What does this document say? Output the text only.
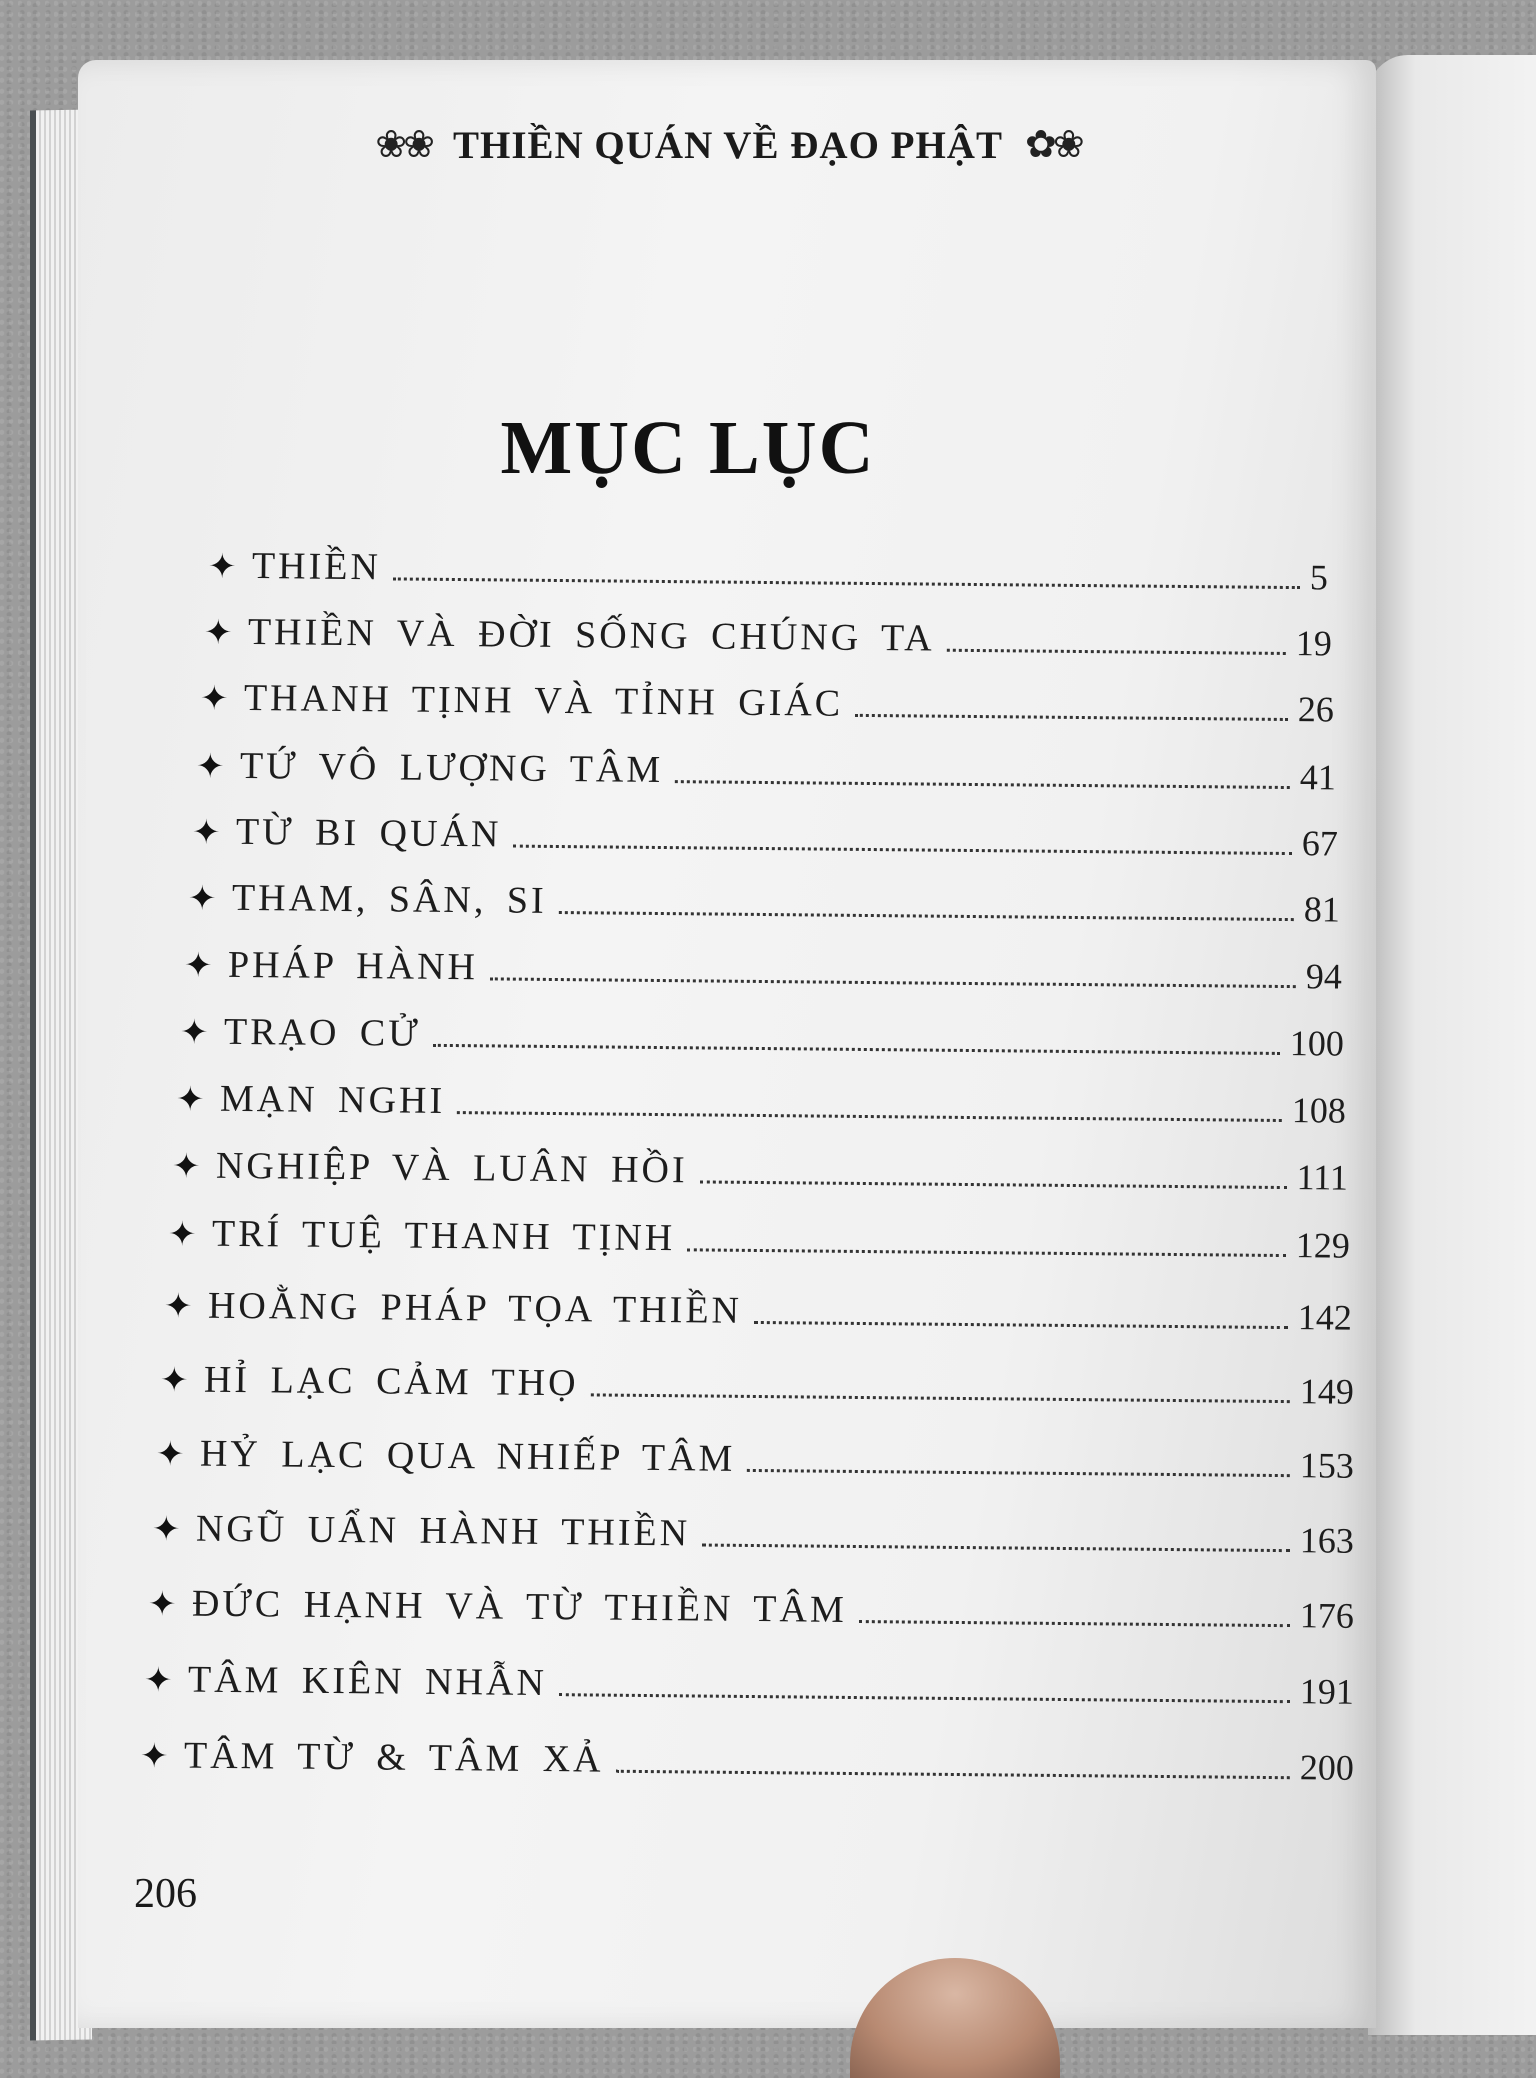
❀❀ THIỀN QUÁN VỀ ĐẠO PHẬT ✿❀
MỤC LỤC
✦ THIỀN	5
✦ THIỀN VÀ ĐỜI SỐNG CHÚNG TA	19
✦ THANH TỊNH VÀ TỈNH GIÁC	26
✦ TỨ VÔ LƯỢNG TÂM	41
✦ TỪ BI QUÁN	67
✦ THAM, SÂN, SI	81
✦ PHÁP HÀNH	94
✦ TRẠO CỬ	100
✦ MẠN NGHI	108
✦ NGHIỆP VÀ LUÂN HỒI	111
✦ TRÍ TUỆ THANH TỊNH	129
✦ HOẰNG PHÁP TỌA THIỀN	142
✦ HỈ LẠC CẢM THỌ	149
✦ HỶ LẠC QUA NHIẾP TÂM	153
✦ NGŨ UẨN HÀNH THIỀN	163
✦ ĐỨC HẠNH VÀ TỪ THIỀN TÂM	176
✦ TÂM KIÊN NHẪN	191
✦ TÂM TỪ & TÂM XẢ	200
206
